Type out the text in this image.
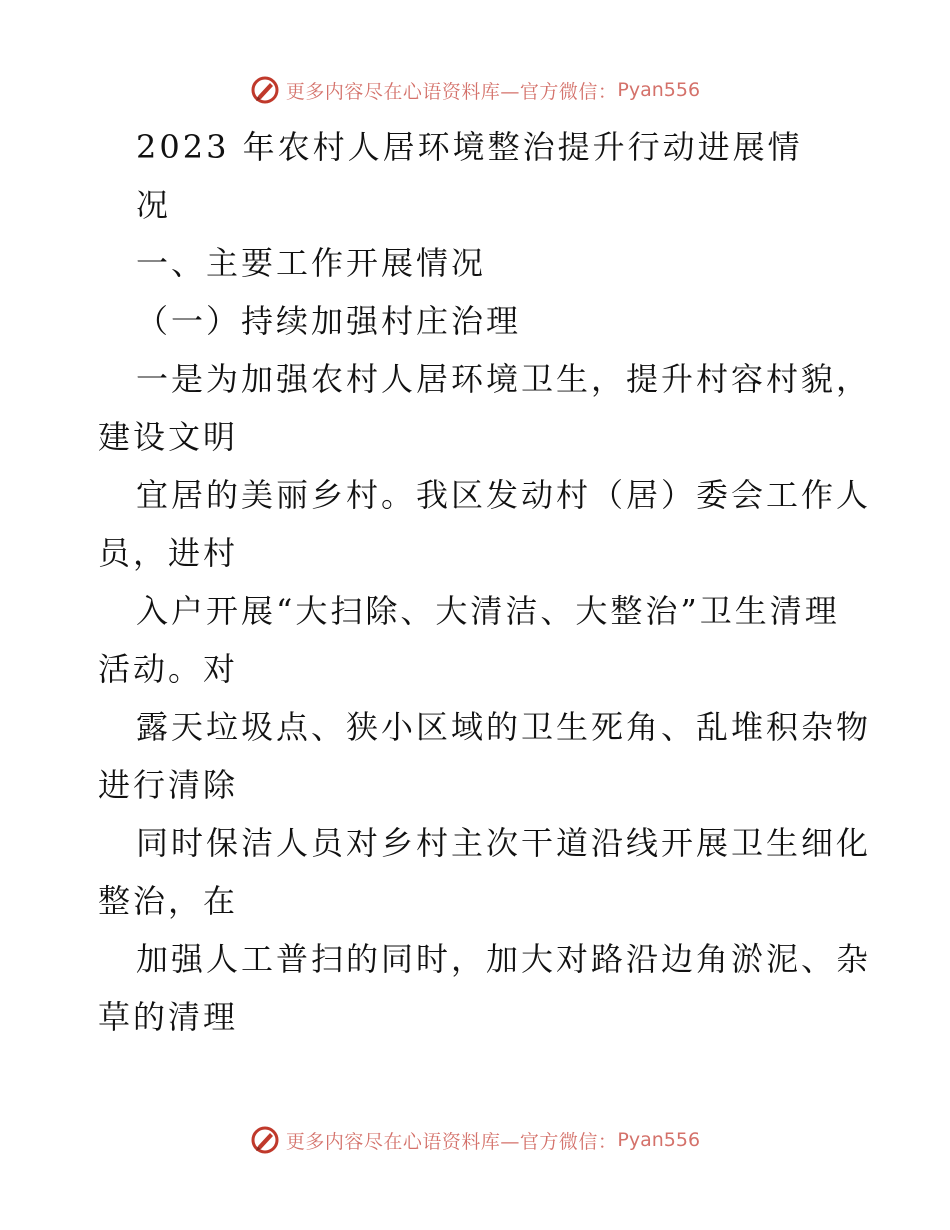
更多内容尽在心语资料库—官方微信： Pyan556
2023 年农村人居环境整治提升行动进展情
况
一、主要工作开展情况
（一）持续加强村庄治理
一是为加强农村人居环境卫生，提升村容村貌，
建设文明
宜居的美丽乡村。我区发动村（居）委会工作人
员，进村
入户开展“大扫除、大清洁、大整治”卫生清理
活动。对
露天垃圾点、狭小区域的卫生死角、乱堆积杂物
进行清除
同时保洁人员对乡村主次干道沿线开展卫生细化
整治，在
加强人工普扫的同时，加大对路沿边角淤泥、杂
草的清理
更多内容尽在心语资料库—官方微信： Pyan556
